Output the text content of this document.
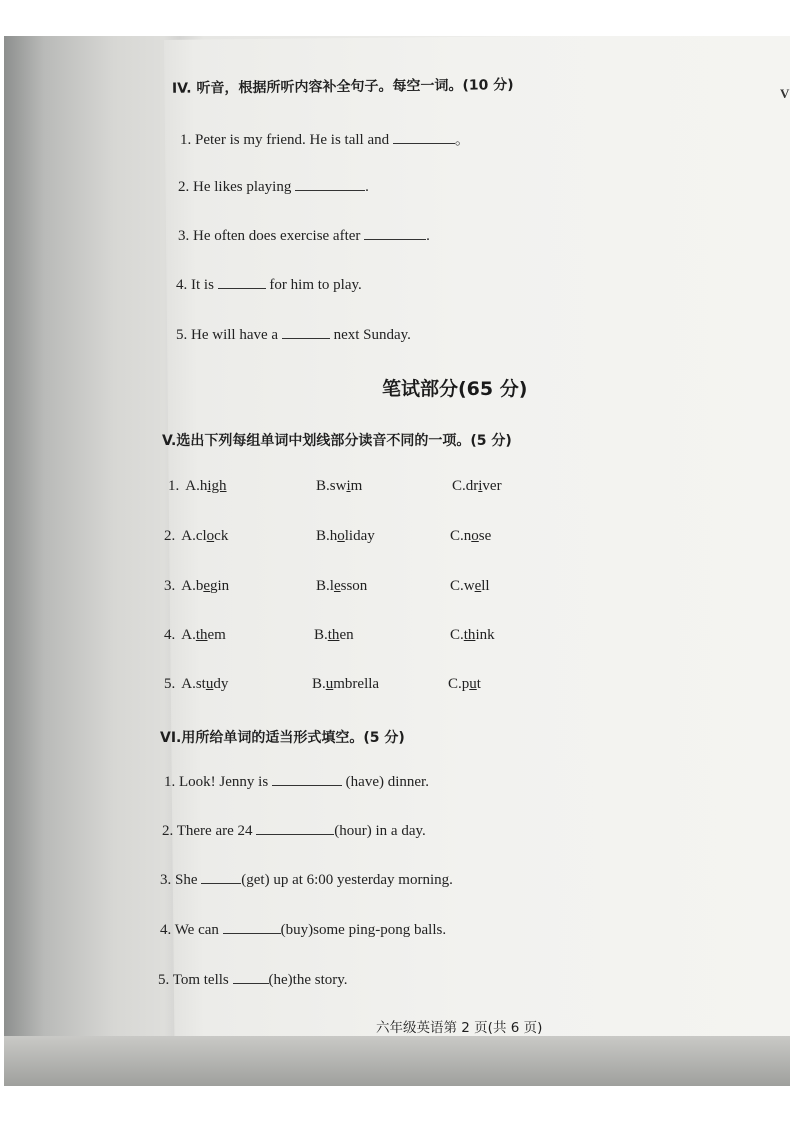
V
IV. 听音，根据所听内容补全句子。每空一词。(10 分)
1. Peter is my friend. He is tall and	。
2. He likes playing	.
3. He often does exercise after	.
4. It is	for him to play.
5. He will have a	next Sunday.
笔试部分(65 分)
V.选出下列每组单词中划线部分读音不同的一项。(5 分)
1. A.high	B.swim	C.driver
2. A.clock	B.holiday	C.nose
3. A.begin	B.lesson	C.well
4. A.them	B.then	C.think
5. A.study	B.umbrella	C.put
VI.用所给单词的适当形式填空。(5 分)
1. Look! Jenny is	(have) dinner.
2. There are 24	(hour) in a day.
3. She	(get) up at 6:00 yesterday morning.
4. We can	(buy)some ping-pong balls.
5. Tom tells	(he)the story.
六年级英语第 2 页(共 6 页)
